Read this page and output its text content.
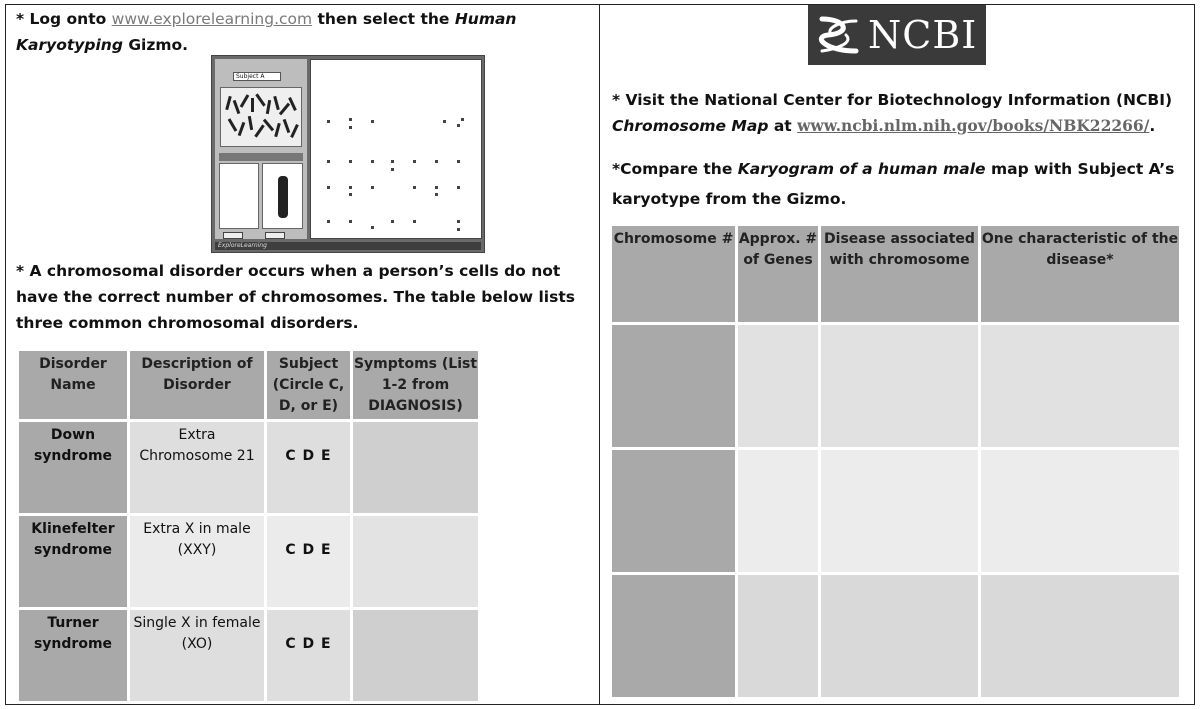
* Log onto www.explorelearning.com then select the Human Karyotyping Gizmo.
Subject A
ExploreLearning
* A chromosomal disorder occurs when a person’s cells do not have the correct number of chromosomes. The table below lists three common chromosomal disorders.
Disorder Name	Description of Disorder	Subject (Circle C, D, or E)	Symptoms (List 1-2 from DIAGNOSIS)
Down syndrome	Extra Chromosome 21	C D E	
Klinefelter syndrome	Extra X in male (XXY)	C D E	
Turner syndrome	Single X in female (XO)	C D E	
NCBI
* Visit the National Center for Biotechnology Information (NCBI) Chromosome Map at www.ncbi.nlm.nih.gov/books/NBK22266/.
*Compare the Karyogram of a human male map with Subject A’s karyotype from the Gizmo.
Chromosome #	Approx. # of Genes	Disease associated with chromosome	One characteristic of the disease*
